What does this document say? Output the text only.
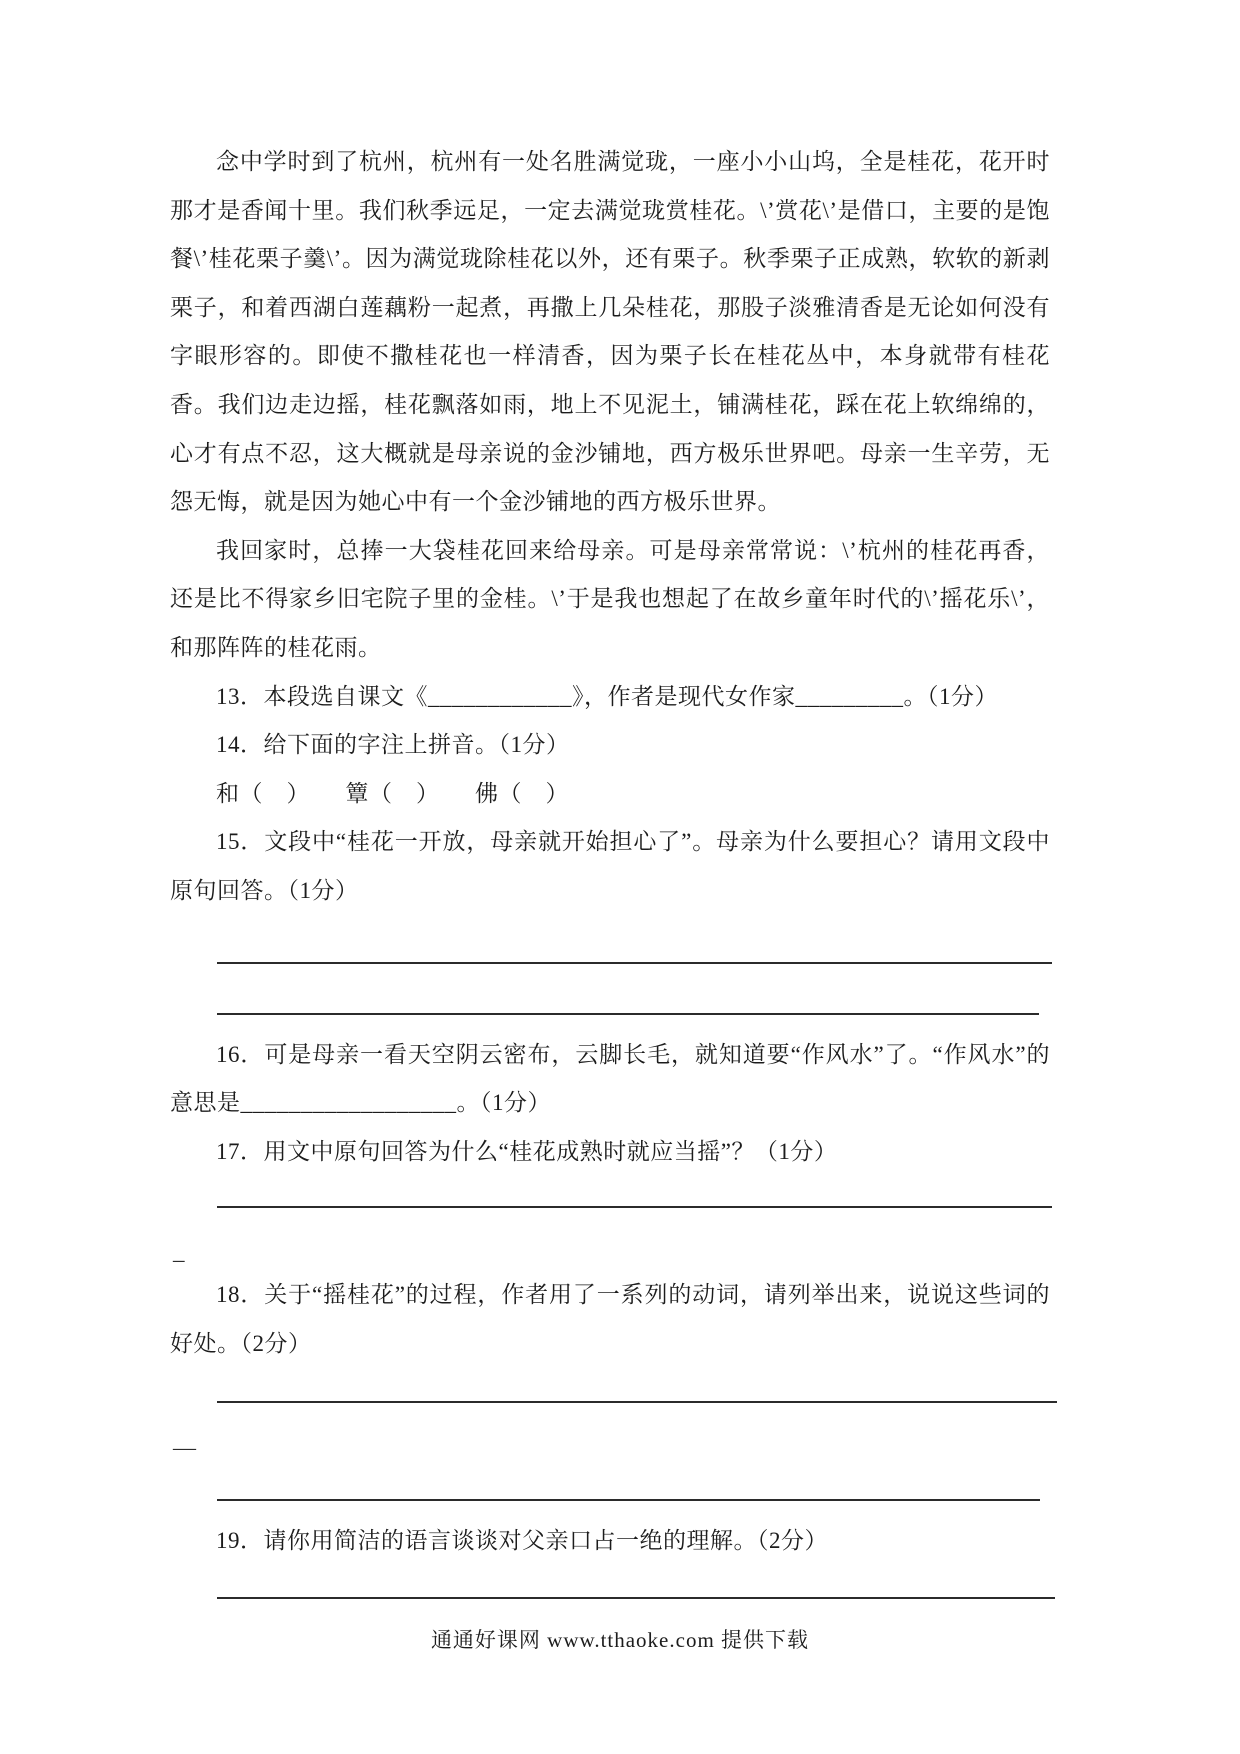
念中学时到了杭州，杭州有一处名胜满觉珑，一座小小山坞，全是桂花，花开时那才是香闻十里。我们秋季远足，一定去满觉珑赏桂花。\’赏花\’是借口，主要的是饱餐\’桂花栗子羹\’。因为满觉珑除桂花以外，还有栗子。秋季栗子正成熟，软软的新剥栗子，和着西湖白莲藕粉一起煮，再撒上几朵桂花，那股子淡雅清香是无论如何没有字眼形容的。即使不撒桂花也一样清香，因为栗子长在桂花丛中，本身就带有桂花香。我们边走边摇，桂花飘落如雨，地上不见泥土，铺满桂花，踩在花上软绵绵的，心才有点不忍，这大概就是母亲说的金沙铺地，西方极乐世界吧。母亲一生辛劳，无怨无悔，就是因为她心中有一个金沙铺地的西方极乐世界。

我回家时，总捧一大袋桂花回来给母亲。可是母亲常常说：\’杭州的桂花再香，还是比不得家乡旧宅院子里的金桂。\’于是我也想起了在故乡童年时代的\’摇花乐\’，和那阵阵的桂花雨。

13．本段选自课文《____________》，作者是现代女作家_________。（1分）

14．给下面的字注上拼音。（1分）

和（　）　　簟（　）　　佛（　）

15．文段中“桂花一开放，母亲就开始担心了”。母亲为什么要担心？请用文段中原句回答。（1分）

16．可是母亲一看天空阴云密布，云脚长毛，就知道要“作风水”了。“作风水”的意思是__________________。（1分）

17．用文中原句回答为什么“桂花成熟时就应当摇”？（1分）

_

18．关于“摇桂花”的过程，作者用了一系列的动词，请列举出来，说说这些词的好处。（2分）

—

19．请你用简洁的语言谈谈对父亲口占一绝的理解。（2分）

通通好课网 www.tthaoke.com 提供下载
